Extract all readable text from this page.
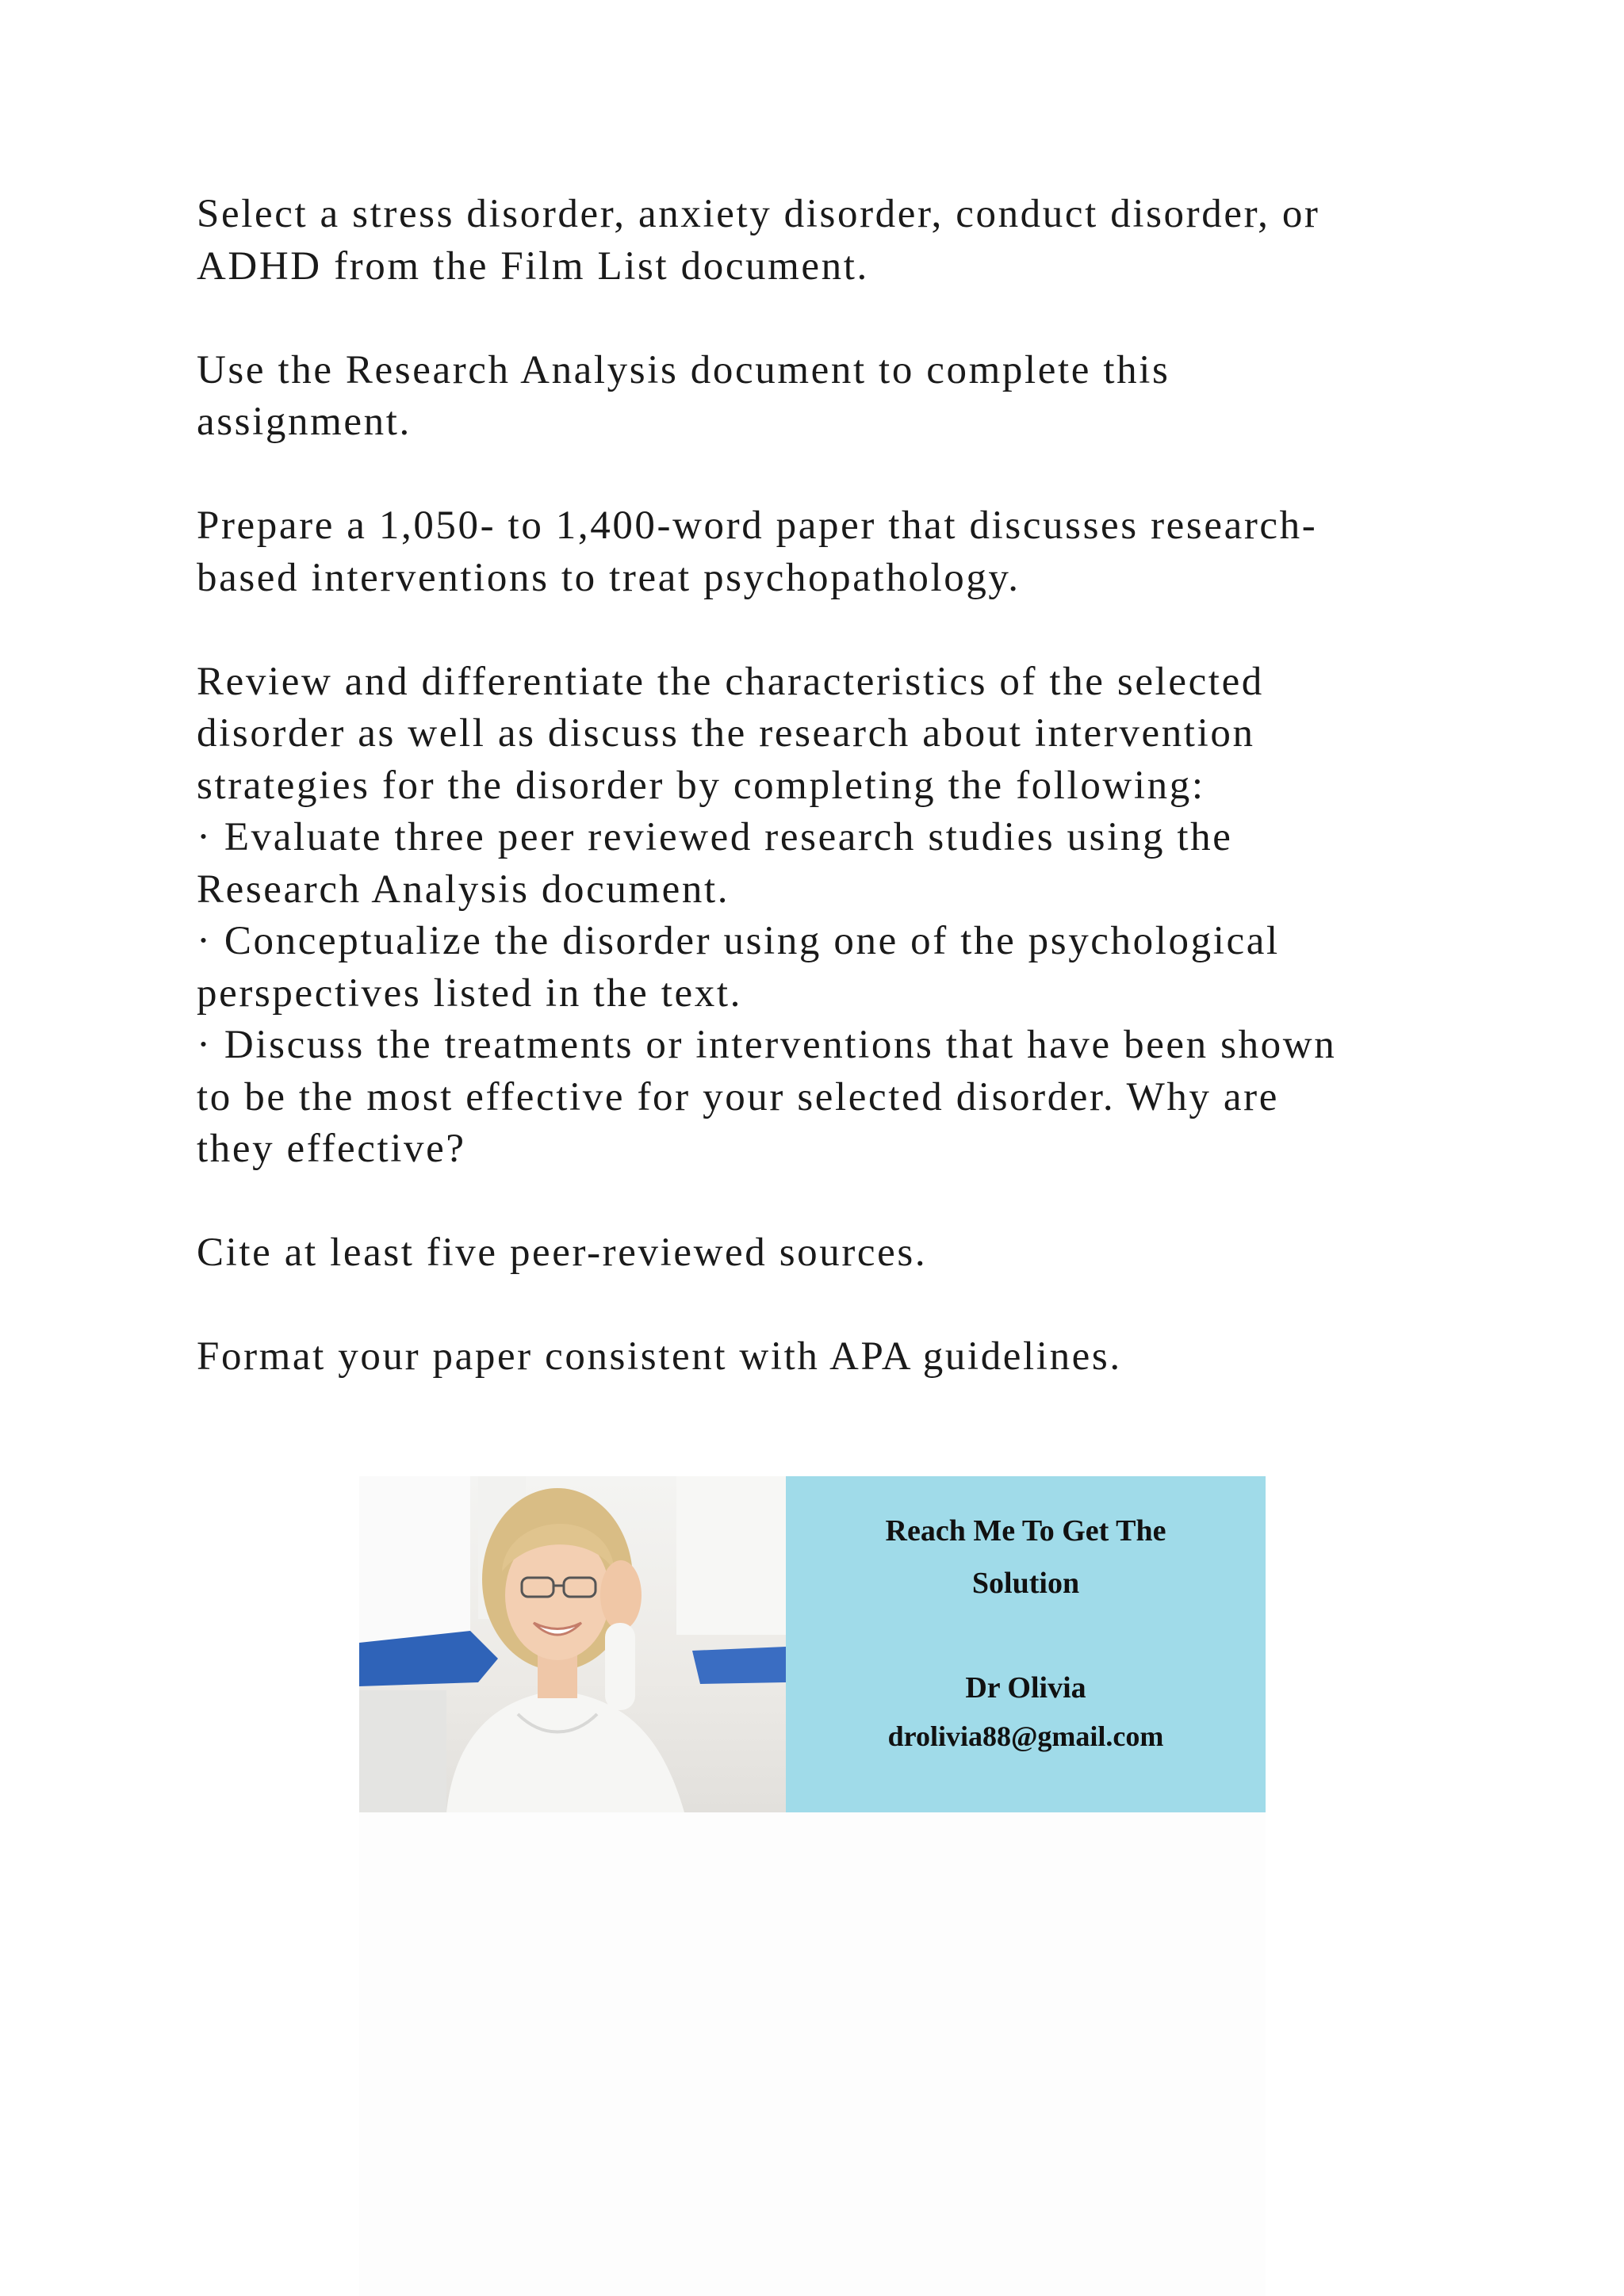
Select a stress disorder, anxiety disorder, conduct disorder, or
ADHD from the Film List document.

Use the Research Analysis document to complete this
assignment.

Prepare a 1,050- to 1,400-word paper that discusses research-
based interventions to treat psychopathology.

Review and differentiate the characteristics of the selected
disorder as well as discuss the research about intervention
strategies for the disorder by completing the following:
· Evaluate three peer reviewed research studies using the
Research Analysis document.
· Conceptualize the disorder using one of the psychological
perspectives listed in the text.
· Discuss the treatments or interventions that have been shown
to be the most effective for your selected disorder. Why are
they effective?

Cite at least five peer-reviewed sources.

Format your paper consistent with APA guidelines.

Reach Me To Get The Solution
Dr Olivia
drolivia88@gmail.com
